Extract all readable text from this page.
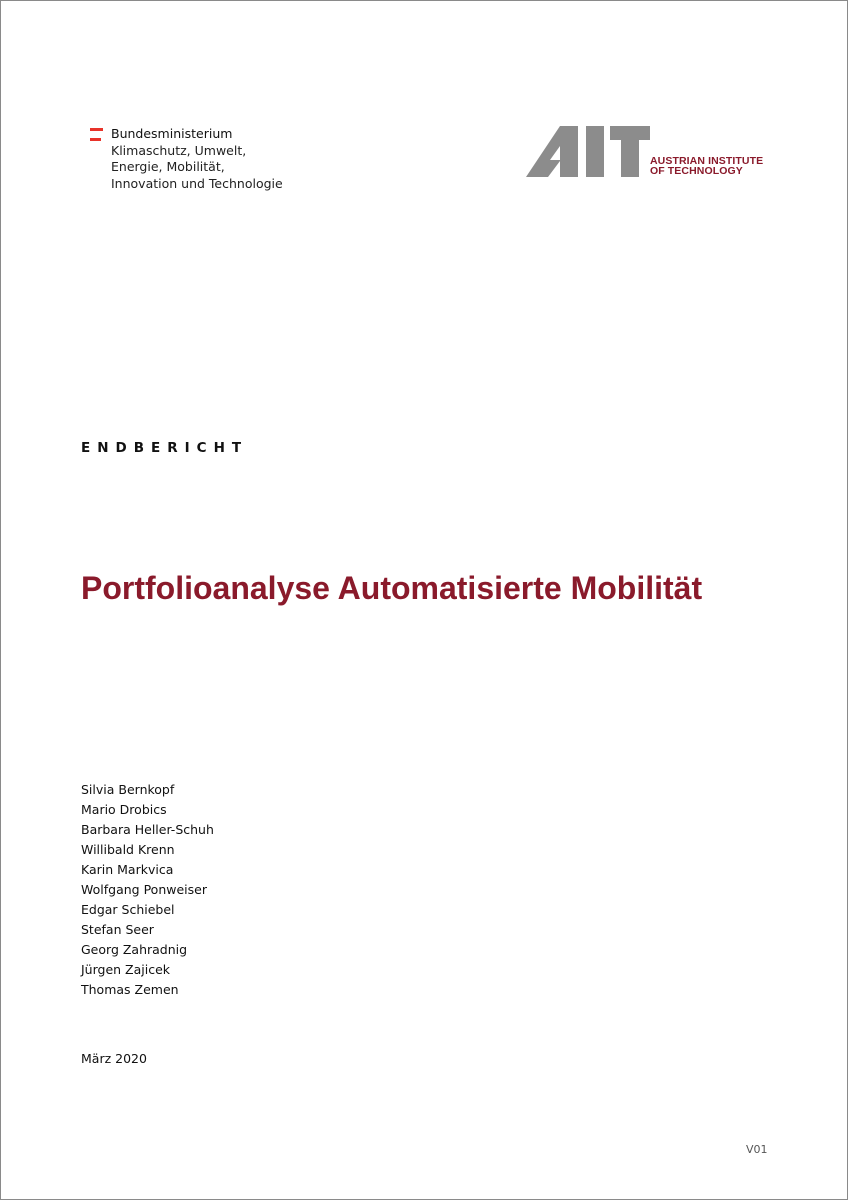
Bundesministerium
Klimaschutz, Umwelt,
Energie, Mobilität,
Innovation und Technologie
AUSTRIAN INSTITUTE
OF TECHNOLOGY
ENDBERICHT
Portfolioanalyse Automatisierte Mobilität
Silvia Bernkopf
Mario Drobics
Barbara Heller-Schuh
Willibald Krenn
Karin Markvica
Wolfgang Ponweiser
Edgar Schiebel
Stefan Seer
Georg Zahradnig
Jürgen Zajicek
Thomas Zemen
März 2020
V01
